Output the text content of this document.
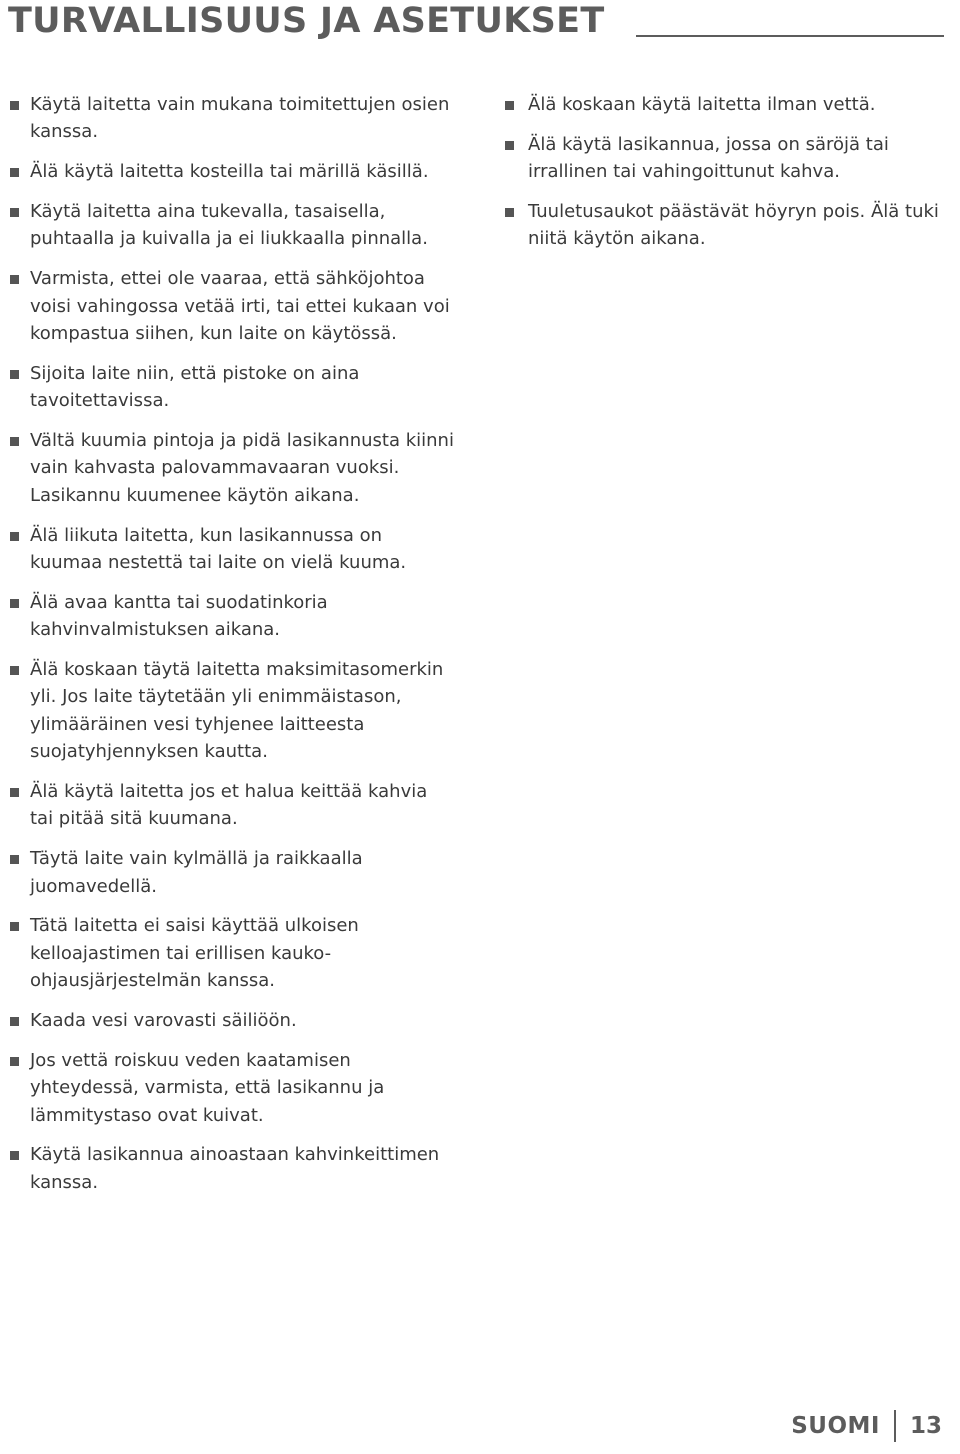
TURVALLISUUS JA ASETUKSET
Käytä laitetta vain mukana toimitettujen osien kanssa.
Älä käytä laitetta kosteilla tai märillä käsillä.
Käytä laitetta aina tukevalla, tasaisella, puhtaalla ja kuivalla ja ei liukkaalla pinnalla.
Varmista, ettei ole vaaraa, että sähköjohtoa voisi vahingossa vetää irti, tai ettei kukaan voi kompastua siihen, kun laite on käytössä.
Sijoita laite niin, että pistoke on aina tavoitettavissa.
Vältä kuumia pintoja ja pidä lasikannusta kiinni vain kahvasta palovammavaaran vuoksi. Lasikannu kuumenee käytön aikana.
Älä liikuta laitetta, kun lasikannussa on kuumaa nestettä tai laite on vielä kuuma.
Älä avaa kantta tai suodatinkoria kahvinvalmistuksen aikana.
Älä koskaan täytä laitetta maksimitasomerkin yli. Jos laite täytetään yli enimmäistason, ylimääräinen vesi tyhjenee laitteesta suojatyhjennyksen kautta.
Älä käytä laitetta jos et halua keittää kahvia tai pitää sitä kuumana.
Täytä laite vain kylmällä ja raikkaalla juomavedellä.
Tätä laitetta ei saisi käyttää ulkoisen kelloajastimen tai erillisen kauko-ohjausjärjestelmän kanssa.
Kaada vesi varovasti säiliöön.
Jos vettä roiskuu veden kaatamisen yhteydessä, varmista, että lasikannu ja lämmitystaso ovat kuivat.
Käytä lasikannua ainoastaan kahvinkeittimen kanssa.
Älä koskaan käytä laitetta ilman vettä.
Älä käytä lasikannua, jossa on säröjä tai irrallinen tai vahingoittunut kahva.
Tuuletusaukot päästävät höyryn pois. Älä tuki niitä käytön aikana.
SUOMI 13
